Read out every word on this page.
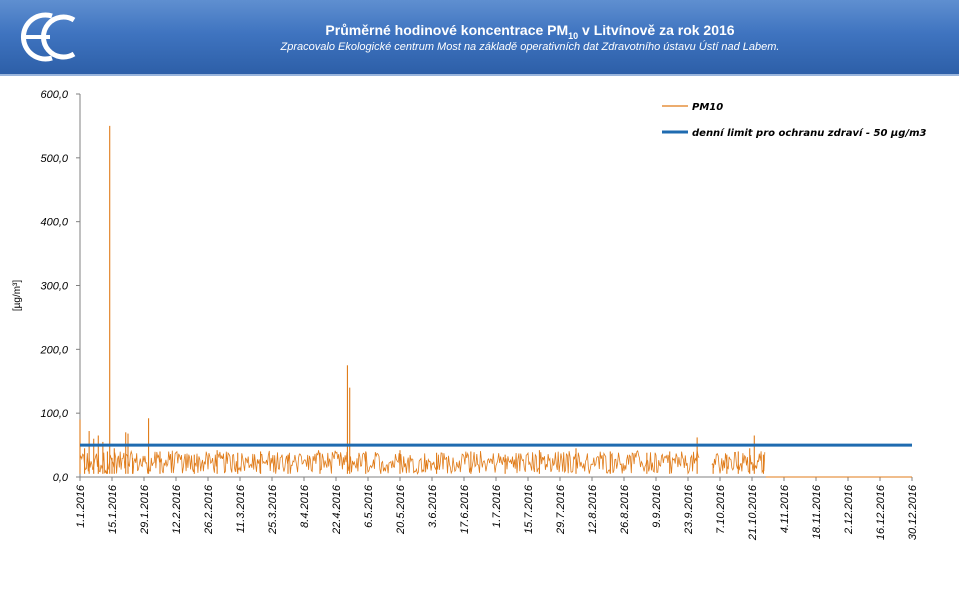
Průměrné hodinové koncentrace $PM_{10}$ v Litvínově za rok 2016
Zpracovalo Ekologické centrum Most na základě operativních dat Zdravotního ústavu Ústí nad Labem.
0,0
100,0
200,0
300,0
400,0
500,0
600,0
[µg/m³]
1.1.2016 15.1.2016 29.1.2016 12.2.2016 26.2.2016 11.3.2016 25.3.2016 8.4.2016 22.4.2016 6.5.2016 20.5.2016 3.6.2016 17.6.2016 1.7.2016 15.7.2016 29.7.2016 12.8.2016 26.8.2016 9.9.2016 23.9.2016 7.10.2016 21.10.2016 4.11.2016 18.11.2016 2.12.2016 16.12.2016 30.12.2016
PM10
denní limit pro ochranu zdraví - 50 µg/m3
